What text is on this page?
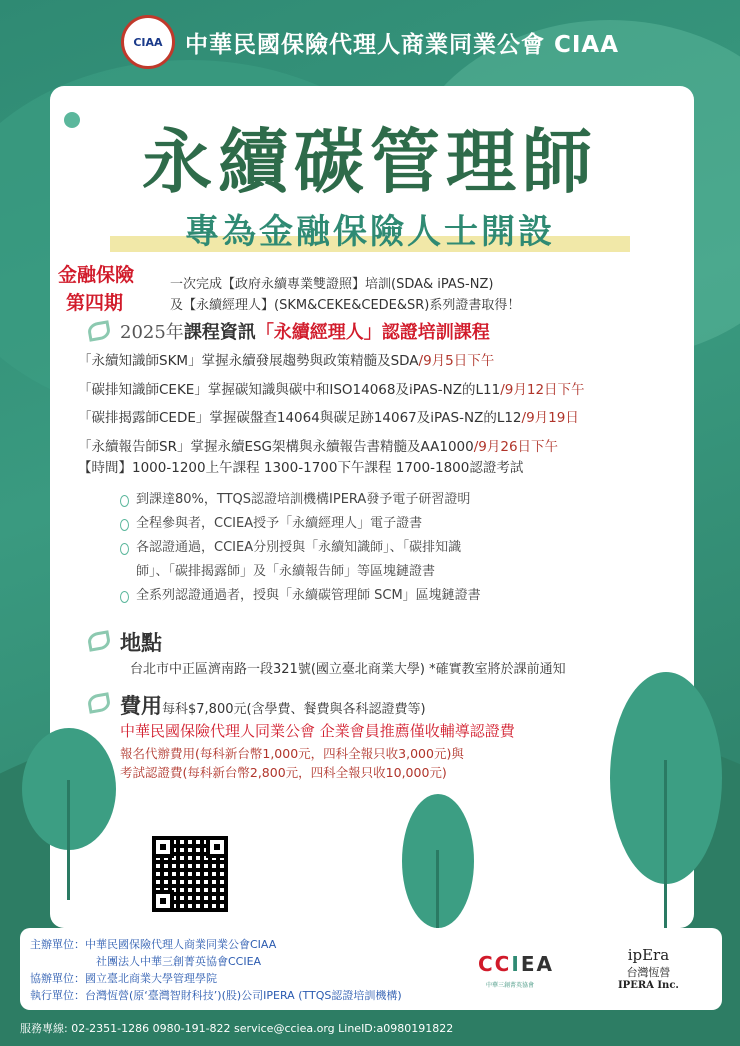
CIAA 中華民國保險代理人商業同業公會 CIAA
永續碳管理師
專為金融保險人士開設
金融保險
第四期
一次完成【政府永續專業雙證照】培訓(SDA& iPAS-NZ)
及【永續經理人】(SKM&CEKE&CEDE&SR)系列證書取得！
2025年課程資訊「永續經理人」認證培訓課程
「永續知識師SKM」掌握永續發展趨勢與政策精髓及SDA/9月5日下午
「碳排知識師CEKE」掌握碳知識與碳中和ISO14068及iPAS-NZ的L11/9月12日下午
「碳排揭露師CEDE」掌握碳盤查14064與碳足跡14067及iPAS-NZ的L12/9月19日
「永續報告師SR」掌握永續ESG架構與永續報告書精髓及AA1000/9月26日下午
【時間】1000-1200上午課程 1300-1700下午課程 1700-1800認證考試
到課達80%，TTQS認證培訓機構IPERA發予電子研習證明
全程參與者，CCIEA授予「永續經理人」電子證書
各認證通過，CCIEA分別授與「永續知識師」、「碳排知識
師」、「碳排揭露師」及「永續報告師」等區塊鏈證書
全系列認證通過者，授與「永續碳管理師 SCM」區塊鏈證書
地點
台北市中正區濟南路一段321號(國立臺北商業大學) *確實教室將於課前通知
費用每科$7,800元(含學費、餐費與各科認證費等)
中華民國保險代理人同業公會 企業會員推薦僅收輔導認證費
報名代辦費用(每科新台幣1,000元，四科全報只收3,000元)與
考試認證費(每科新台幣2,800元，四科全報只收10,000元)
▶掃我報名
主辦單位：中華民國保險代理人商業同業公會CIAA
社團法人中華三創菁英協會CCIEA
協辦單位：國立臺北商業大學管理學院
執行單位：台灣恆營(原‘臺灣智財科技’)(股)公司IPERA (TTQS認證培訓機構)
CCIEA
中華三創菁英協會
ipEra
台灣恆營
IPERA Inc.
服務專線: 02-2351-1286 0980-191-822 service@cciea.org LineID:a0980191822
